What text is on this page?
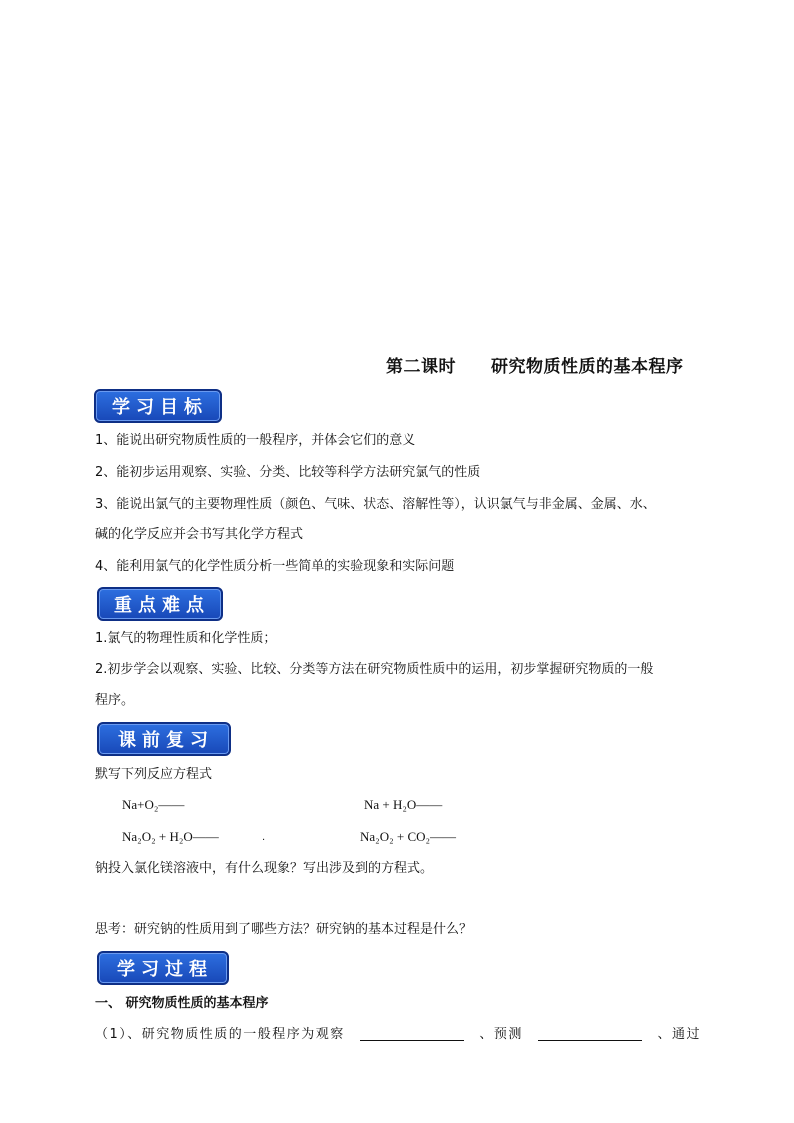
第二课时　　研究物质性质的基本程序
学习目标
1、能说出研究物质性质的一般程序，并体会它们的意义
2、能初步运用观察、实验、分类、比较等科学方法研究氯气的性质
3、能说出氯气的主要物理性质（颜色、气味、状态、溶解性等），认识氯气与非金属、金属、水、
碱的化学反应并会书写其化学方程式
4、能利用氯气的化学性质分析一些简单的实验现象和实际问题
重点难点
1.氯气的物理性质和化学性质；
2.初步学会以观察、实验、比较、分类等方法在研究物质性质中的运用，初步掌握研究物质的一般
程序。
课前复习
默写下列反应方程式
Na+O₂——	Na + H₂O——
Na₂O₂ + H₂O——	.	Na₂O₂ + CO₂——
钠投入氯化镁溶液中，有什么现象？写出涉及到的方程式。
思考：研究钠的性质用到了哪些方法？研究钠的基本过程是什么？
学习过程
一、 研究物质性质的基本程序
（1）、研究物质性质的一般程序为观察	、预测	、通过
